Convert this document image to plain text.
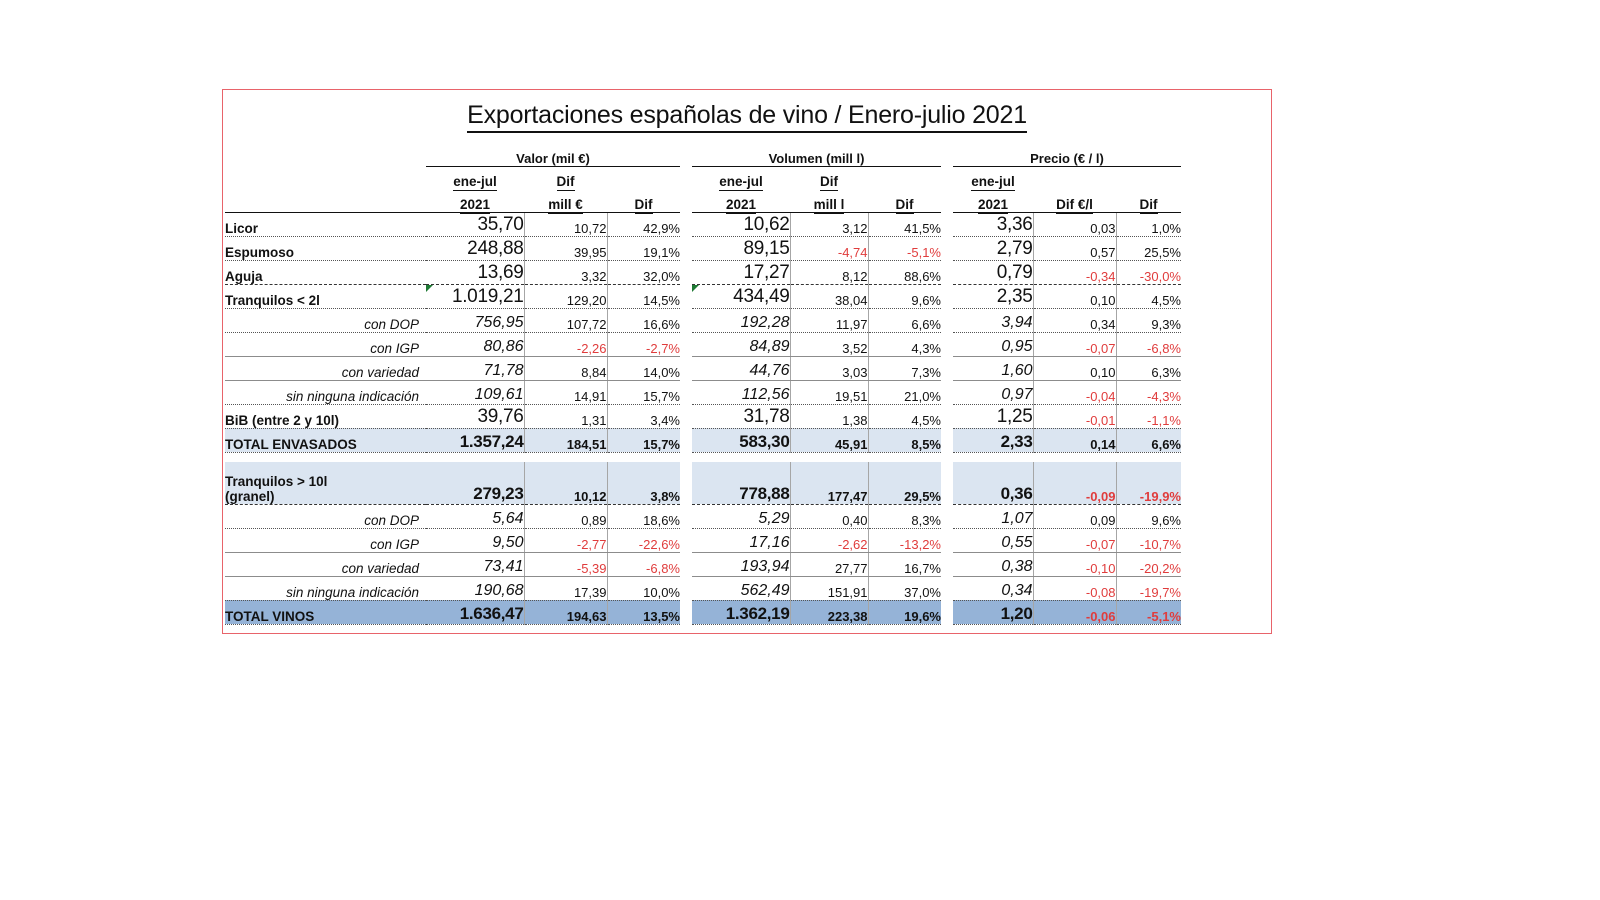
Exportaciones españolas de vino / Enero-julio 2021
	Valor (mil €)				Volumen (mill l)				Precio (€ / l)		
	ene-jul	Dif			ene-jul	Dif			ene-jul		
	2021	mill €	Dif		2021	mill l	Dif		2021	Dif €/l	Dif
Licor	35,70	10,72	42,9%		10,62	3,12	41,5%		3,36	0,03	1,0%
Espumoso	248,88	39,95	19,1%		89,15	-4,74	-5,1%		2,79	0,57	25,5%
Aguja	13,69	3,32	32,0%		17,27	8,12	88,6%		0,79	-0,34	-30,0%
Tranquilos < 2l	1.019,21	129,20	14,5%		434,49	38,04	9,6%		2,35	0,10	4,5%
con DOP	756,95	107,72	16,6%		192,28	11,97	6,6%		3,94	0,34	9,3%
con IGP	80,86	-2,26	-2,7%		84,89	3,52	4,3%		0,95	-0,07	-6,8%
con variedad	71,78	8,84	14,0%		44,76	3,03	7,3%		1,60	0,10	6,3%
sin ninguna indicación	109,61	14,91	15,7%		112,56	19,51	21,0%		0,97	-0,04	-4,3%
BiB (entre 2 y 10l)	39,76	1,31	3,4%		31,78	1,38	4,5%		1,25	-0,01	-1,1%
TOTAL ENVASADOS	1.357,24	184,51	15,7%		583,30	45,91	8,5%		2,33	0,14	6,6%

Tranquilos > 10l
(granel)	279,23	10,12	3,8%		778,88	177,47	29,5%		0,36	-0,09	-19,9%
con DOP	5,64	0,89	18,6%		5,29	0,40	8,3%		1,07	0,09	9,6%
con IGP	9,50	-2,77	-22,6%		17,16	-2,62	-13,2%		0,55	-0,07	-10,7%
con variedad	73,41	-5,39	-6,8%		193,94	27,77	16,7%		0,38	-0,10	-20,2%
sin ninguna indicación	190,68	17,39	10,0%		562,49	151,91	37,0%		0,34	-0,08	-19,7%
TOTAL VINOS	1.636,47	194,63	13,5%		1.362,19	223,38	19,6%		1,20	-0,06	-5,1%
